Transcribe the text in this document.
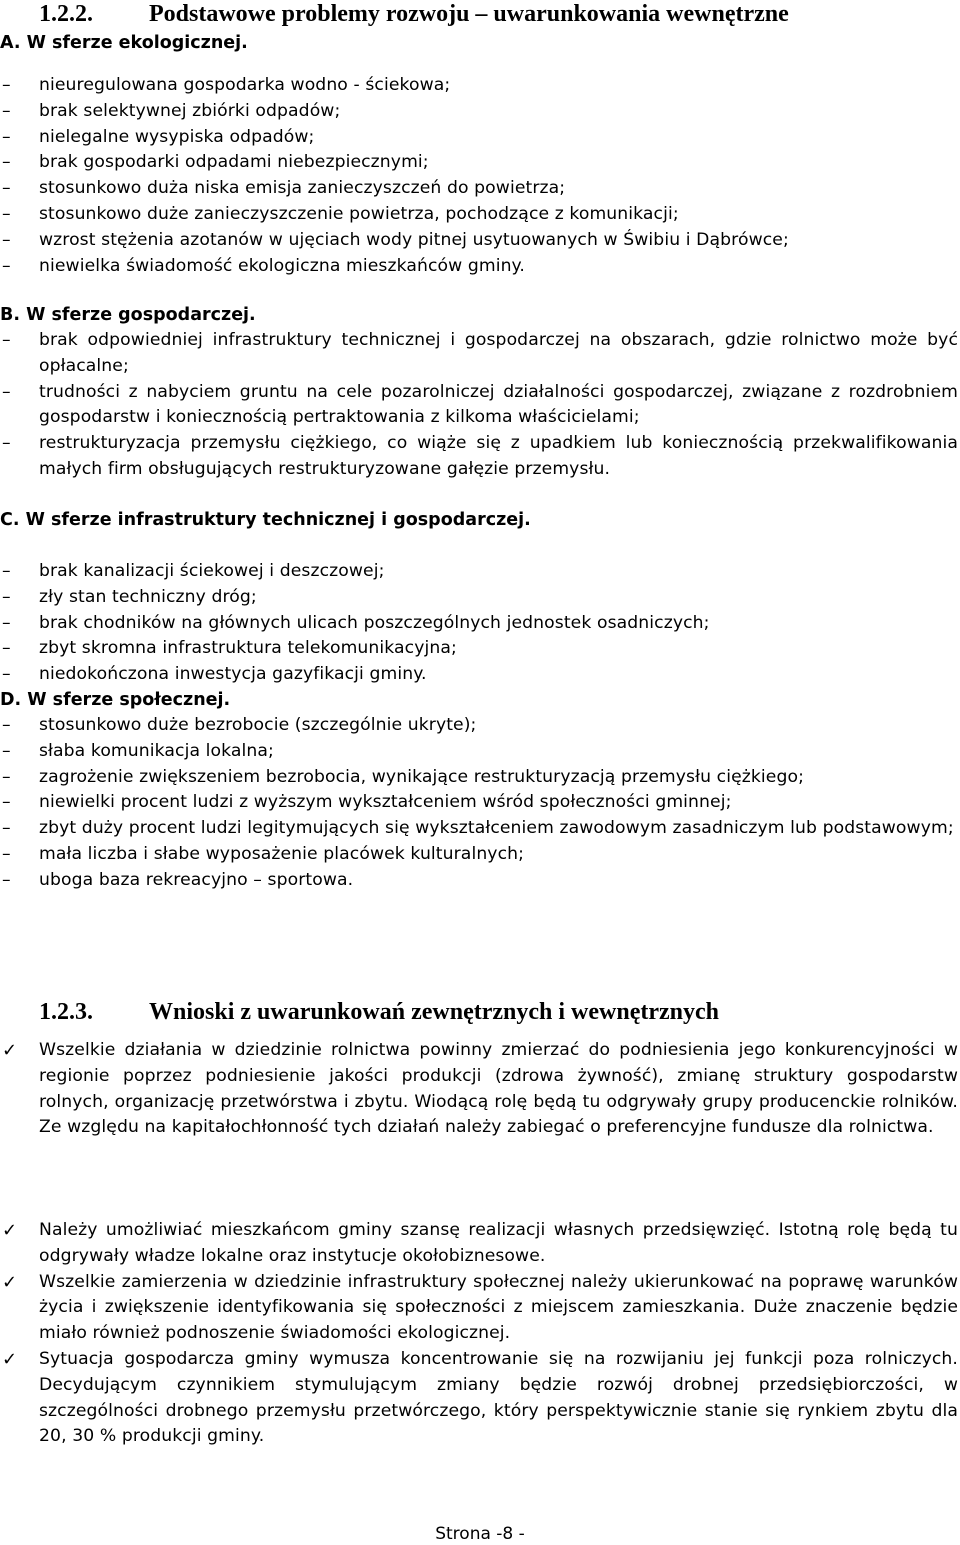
1.2.2. Podstawowe problemy rozwoju – uwarunkowania wewnętrzne
A. W sferze ekologicznej.
–
nieuregulowana gospodarka wodno - ściekowa;
–
brak selektywnej zbiórki odpadów;
–
nielegalne wysypiska odpadów;
–
brak gospodarki odpadami niebezpiecznymi;
–
stosunkowo duża niska emisja zanieczyszczeń do powietrza;
–
stosunkowo duże zanieczyszczenie powietrza, pochodzące z komunikacji;
–
wzrost stężenia azotanów w ujęciach wody pitnej usytuowanych w Świbiu i Dąbrówce;
–
niewielka świadomość ekologiczna mieszkańców gminy.
B. W sferze gospodarczej.
–
brak odpowiedniej infrastruktury technicznej i gospodarczej na obszarach, gdzie rolnictwo może być opłacalne;
–
trudności z nabyciem gruntu na cele pozarolniczej działalności gospodarczej, związane z rozdrobniem gospodarstw i koniecznością pertraktowania z kilkoma właścicielami;
–
restrukturyzacja przemysłu ciężkiego, co wiąże się z upadkiem lub koniecznością przekwalifikowania małych firm obsługujących restrukturyzowane gałęzie przemysłu.
C. W sferze infrastruktury technicznej i gospodarczej.
–
brak kanalizacji ściekowej i deszczowej;
–
zły stan techniczny dróg;
–
brak chodników na głównych ulicach poszczególnych jednostek osadniczych;
–
zbyt skromna infrastruktura telekomunikacyjna;
–
niedokończona inwestycja gazyfikacji gminy.
D. W sferze społecznej.
–
stosunkowo duże bezrobocie (szczególnie ukryte);
–
słaba komunikacja lokalna;
–
zagrożenie zwiększeniem bezrobocia, wynikające restrukturyzacją przemysłu ciężkiego;
–
niewielki procent ludzi z wyższym wykształceniem wśród społeczności gminnej;
–
zbyt duży procent ludzi legitymujących się wykształceniem zawodowym zasadniczym lub podstawowym;
–
mała liczba i słabe wyposażenie placówek kulturalnych;
–
uboga baza rekreacyjno – sportowa.
1.2.3. Wnioski z uwarunkowań zewnętrznych i wewnętrznych
✓ Wszelkie działania w dziedzinie rolnictwa powinny zmierzać do podniesienia jego konkurencyjności w regionie poprzez podniesienie jakości produkcji (zdrowa żywność), zmianę struktury gospodarstw rolnych, organizację przetwórstwa i zbytu. Wiodącą rolę będą tu odgrywały grupy producenckie rolników. Ze względu na kapitałochłonność tych działań należy zabiegać o preferencyjne fundusze dla rolnictwa.
✓ Należy umożliwiać mieszkańcom gminy szansę realizacji własnych przedsięwzięć. Istotną rolę będą tu odgrywały władze lokalne oraz instytucje okołobiznesowe.
✓ Wszelkie zamierzenia w dziedzinie infrastruktury społecznej należy ukierunkować na poprawę warunków życia i zwiększenie identyfikowania się społeczności z miejscem zamieszkania. Duże znaczenie będzie miało również podnoszenie świadomości ekologicznej.
✓ Sytuacja gospodarcza gminy wymusza koncentrowanie się na rozwijaniu jej funkcji poza rolniczych. Decydującym czynnikiem stymulującym zmiany będzie rozwój drobnej przedsiębiorczości, w szczególności drobnego przemysłu przetwórczego, który perspektywicznie stanie się rynkiem zbytu dla 20, 30 % produkcji gminy.
Strona -8 -
